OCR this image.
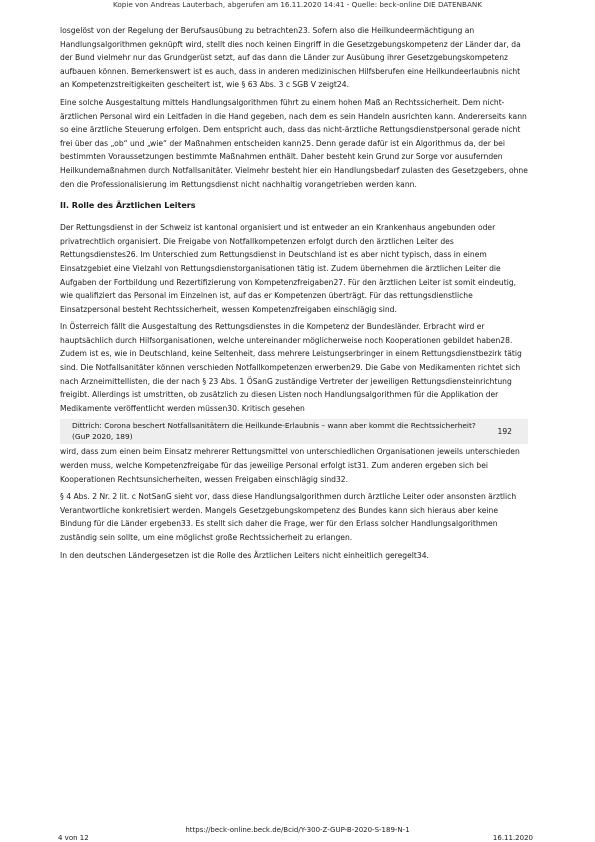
Kopie von Andreas Lauterbach, abgerufen am 16.11.2020 14:41 - Quelle: beck-online DIE DATENBANK

losgelöst von der Regelung der Berufsausübung zu betrachten23. Sofern also die Heilkundeermächtigung an Handlungsalgorithmen geknüpft wird, stellt dies noch keinen Eingriff in die Gesetzgebungskompetenz der Länder dar, da der Bund vielmehr nur das Grundgerüst setzt, auf das dann die Länder zur Ausübung ihrer Gesetzgebungskompetenz aufbauen können. Bemerkenswert ist es auch, dass in anderen medizinischen Hilfsberufen eine Heilkundeerlaubnis nicht an Kompetenzstreitigkeiten gescheitert ist, wie § 63 Abs. 3 c SGB V zeigt24.

Eine solche Ausgestaltung mittels Handlungsalgorithmen führt zu einem hohen Maß an Rechtssicherheit. Dem nicht-ärztlichen Personal wird ein Leitfaden in die Hand gegeben, nach dem es sein Handeln ausrichten kann. Andererseits kann so eine ärztliche Steuerung erfolgen. Dem entspricht auch, dass das nicht-ärztliche Rettungsdienstpersonal gerade nicht frei über das „ob“ und „wie“ der Maßnahmen entscheiden kann25. Denn gerade dafür ist ein Algorithmus da, der bei bestimmten Voraussetzungen bestimmte Maßnahmen enthält. Daher besteht kein Grund zur Sorge vor ausufernden Heilkundemaßnahmen durch Notfallsanitäter. Vielmehr besteht hier ein Handlungsbedarf zulasten des Gesetzgebers, ohne den die Professionalisierung im Rettungsdienst nicht nachhaltig vorangetrieben werden kann.

II. Rolle des Ärztlichen Leiters

Der Rettungsdienst in der Schweiz ist kantonal organisiert und ist entweder an ein Krankenhaus angebunden oder privatrechtlich organisiert. Die Freigabe von Notfallkompetenzen erfolgt durch den ärztlichen Leiter des Rettungsdienstes26. Im Unterschied zum Rettungsdienst in Deutschland ist es aber nicht typisch, dass in einem Einsatzgebiet eine Vielzahl von Rettungsdienstorganisationen tätig ist. Zudem übernehmen die ärztlichen Leiter die Aufgaben der Fortbildung und Rezertifizierung von Kompetenzfreigaben27. Für den ärztlichen Leiter ist somit eindeutig, wie qualifiziert das Personal im Einzelnen ist, auf das er Kompetenzen überträgt. Für das rettungsdienstliche Einsatzpersonal besteht Rechtssicherheit, wessen Kompetenzfreigaben einschlägig sind.

In Österreich fällt die Ausgestaltung des Rettungsdienstes in die Kompetenz der Bundesländer. Erbracht wird er hauptsächlich durch Hilfsorganisationen, welche untereinander möglicherweise noch Kooperationen gebildet haben28. Zudem ist es, wie in Deutschland, keine Seltenheit, dass mehrere Leistungserbringer in einem Rettungsdienstbezirk tätig sind. Die Notfallsanitäter können verschieden Notfallkompetenzen erwerben29. Die Gabe von Medikamenten richtet sich nach Arzneimittellisten, die der nach § 23 Abs. 1 ÖSanG zuständige Vertreter der jeweiligen Rettungsdiensteinrichtung freigibt. Allerdings ist umstritten, ob zusätzlich zu diesen Listen noch Handlungsalgorithmen für die Applikation der Medikamente veröffentlicht werden müssen30. Kritisch gesehen

Dittrich: Corona beschert Notfallsanitätern die Heilkunde-Erlaubnis – wann aber kommt die Rechtssicherheit?(GuP 2020, 189)	192

wird, dass zum einen beim Einsatz mehrerer Rettungsmittel von unterschiedlichen Organisationen jeweils unterschieden werden muss, welche Kompetenzfreigabe für das jeweilige Personal erfolgt ist31. Zum anderen ergeben sich bei Kooperationen Rechtsunsicherheiten, wessen Freigaben einschlägig sind32.

§ 4 Abs. 2 Nr. 2 lit. c NotSanG sieht vor, dass diese Handlungsalgorithmen durch ärztliche Leiter oder ansonsten ärztlich Verantwortliche konkretisiert werden. Mangels Gesetzgebungskompetenz des Bundes kann sich hieraus aber keine Bindung für die Länder ergeben33. Es stellt sich daher die Frage, wer für den Erlass solcher Handlungsalgorithmen zuständig sein sollte, um eine möglichst große Rechtssicherheit zu erlangen.

In den deutschen Ländergesetzen ist die Rolle des Ärztlichen Leiters nicht einheitlich geregelt34.

https://beck-online.beck.de/Bcid/Y-300-Z-GUP-B-2020-S-189-N-1
4 von 12	16.11.2020
